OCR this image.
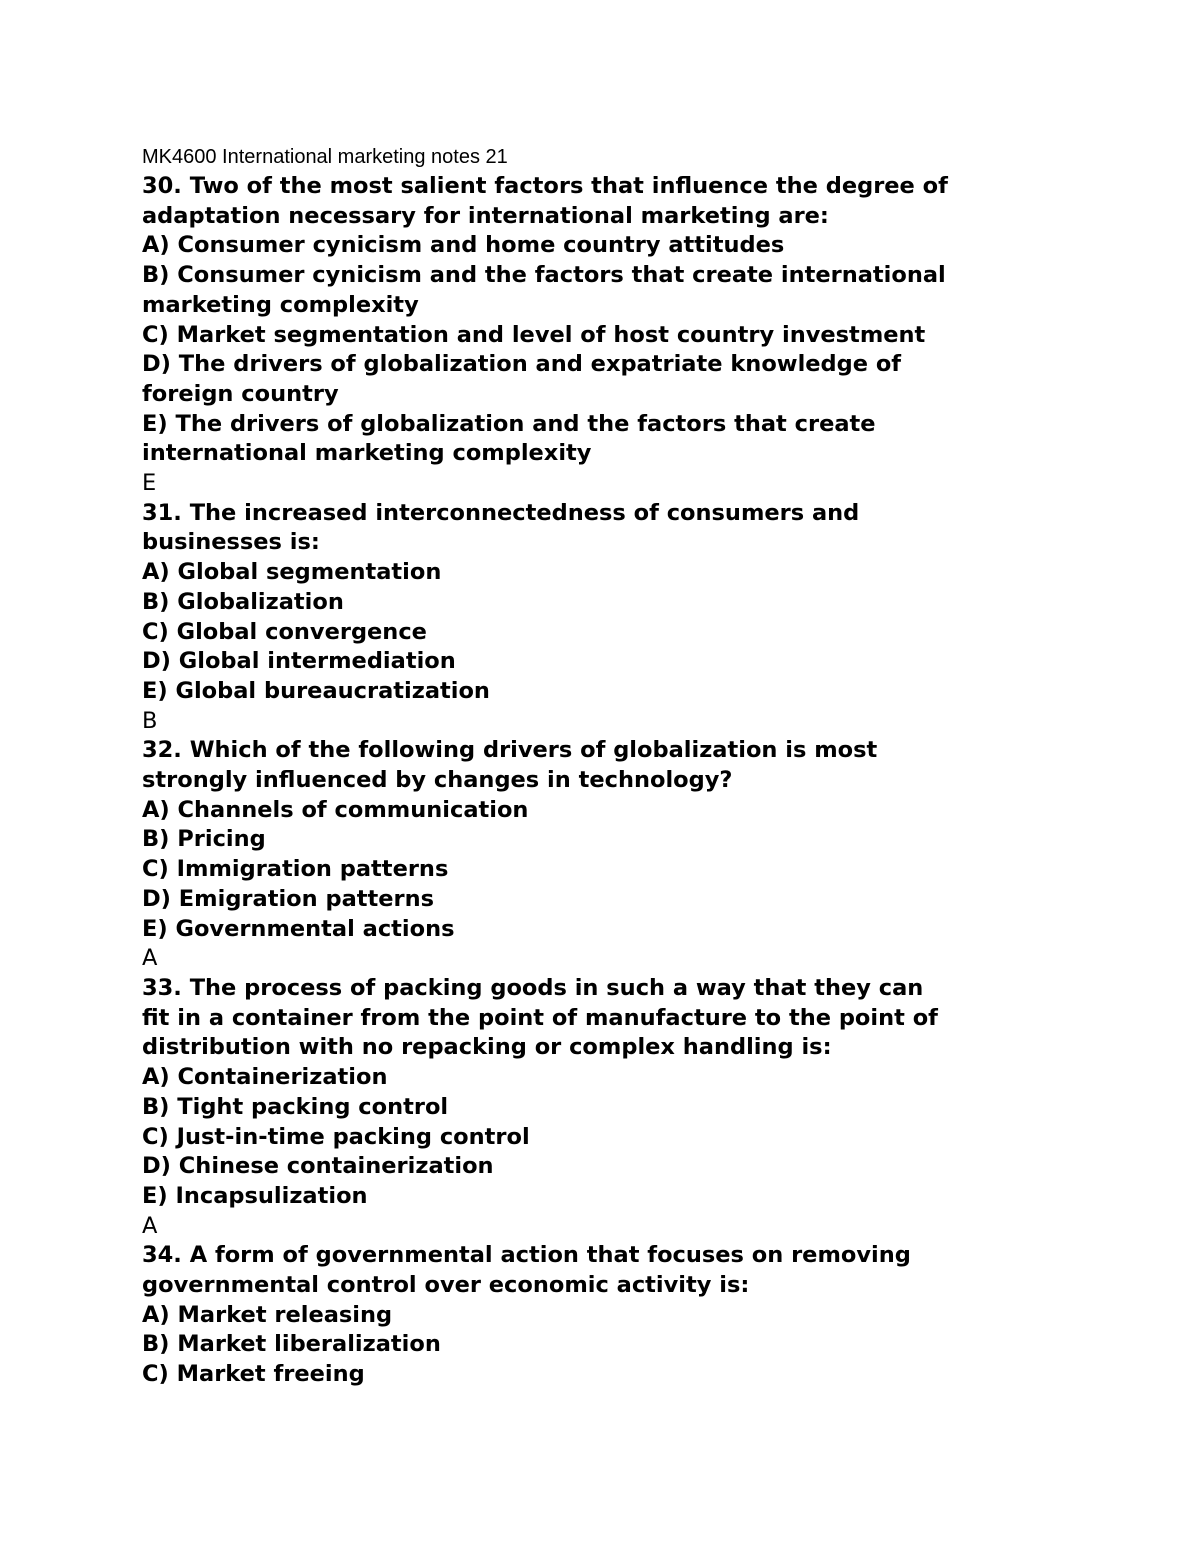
MK4600 International marketing notes 21
30. Two of the most salient factors that influence the degree of
adaptation necessary for international marketing are:
A) Consumer cynicism and home country attitudes
B) Consumer cynicism and the factors that create international
marketing complexity
C) Market segmentation and level of host country investment
D) The drivers of globalization and expatriate knowledge of
foreign country
E) The drivers of globalization and the factors that create
international marketing complexity
E
31. The increased interconnectedness of consumers and
businesses is:
A) Global segmentation
B) Globalization
C) Global convergence
D) Global intermediation
E) Global bureaucratization
B
32. Which of the following drivers of globalization is most
strongly influenced by changes in technology?
A) Channels of communication
B) Pricing
C) Immigration patterns
D) Emigration patterns
E) Governmental actions
A
33. The process of packing goods in such a way that they can
fit in a container from the point of manufacture to the point of
distribution with no repacking or complex handling is:
A) Containerization
B) Tight packing control
C) Just-in-time packing control
D) Chinese containerization
E) Incapsulization
A
34. A form of governmental action that focuses on removing
governmental control over economic activity is:
A) Market releasing
B) Market liberalization
C) Market freeing
